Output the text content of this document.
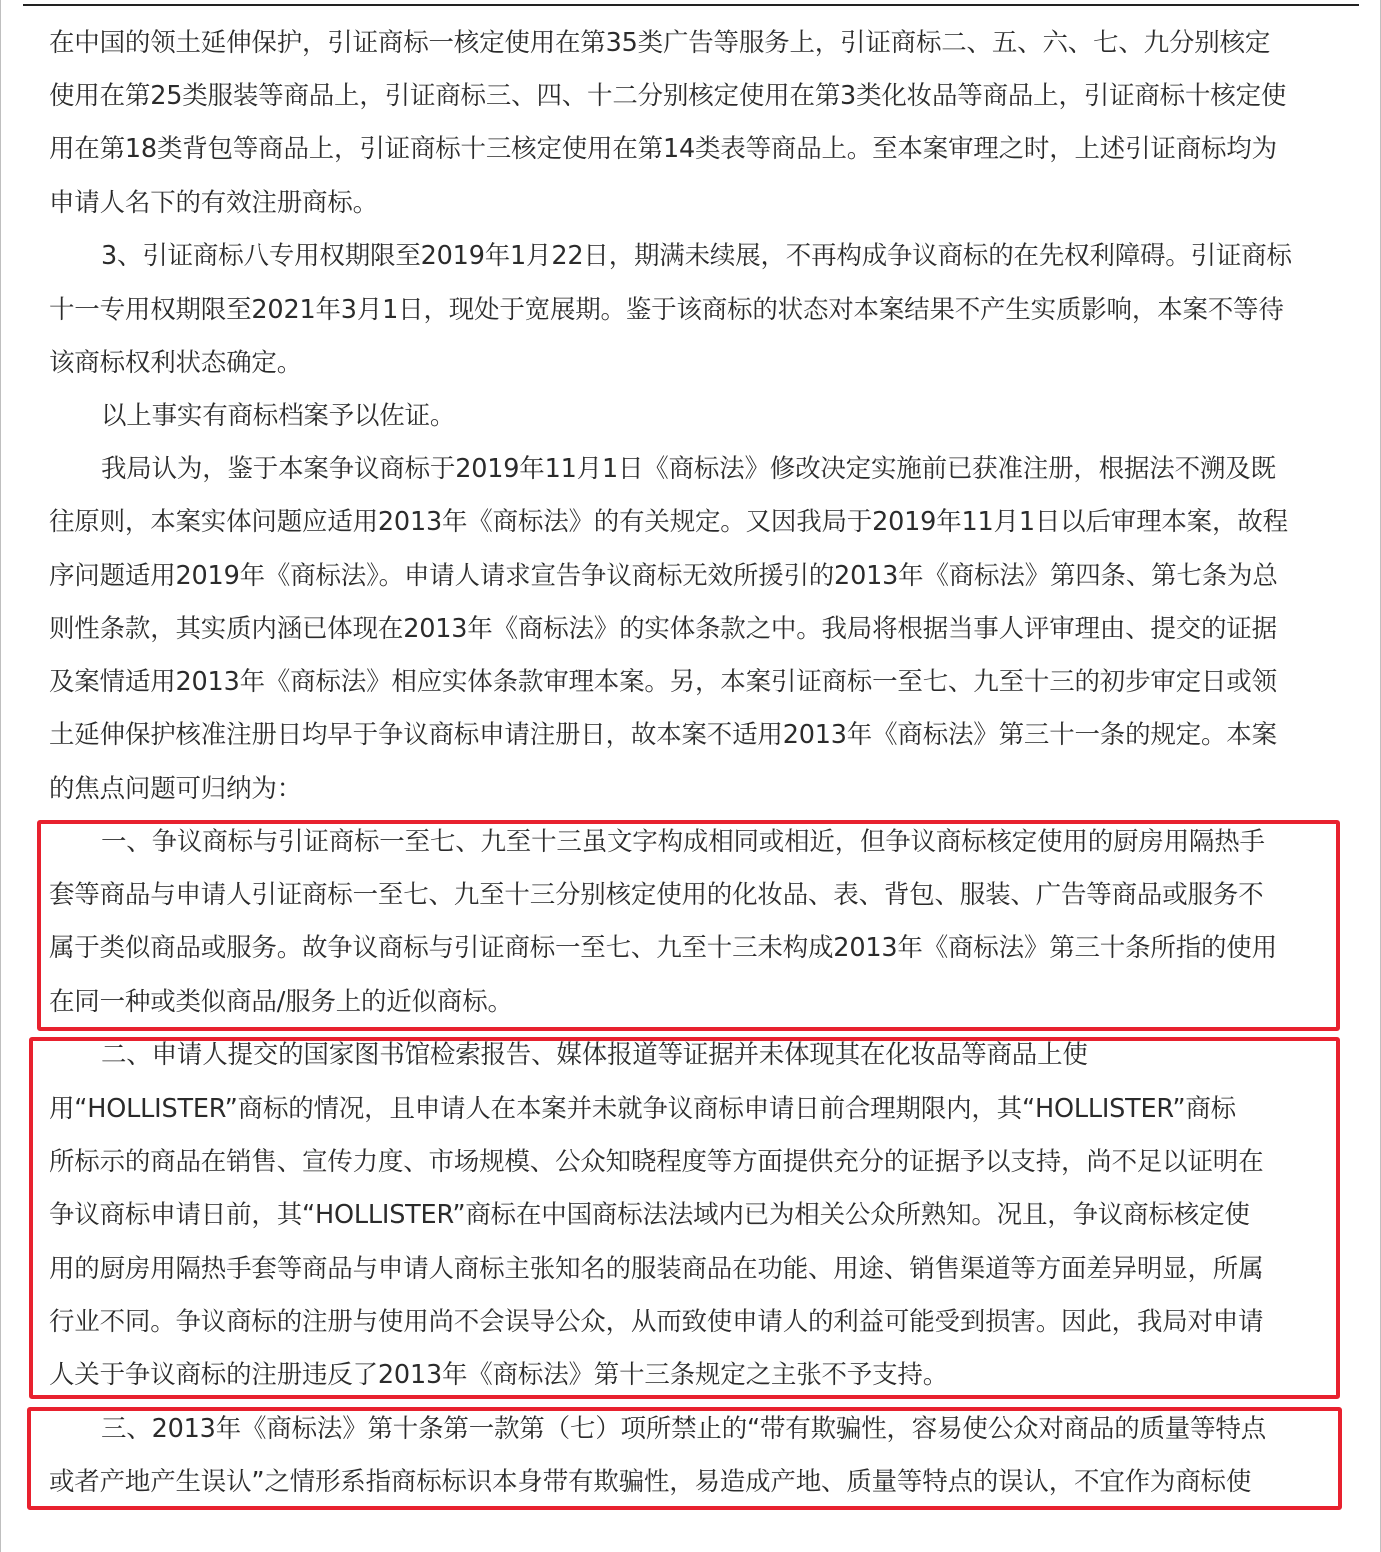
在中国的领土延伸保护，引证商标一核定使用在第35类广告等服务上，引证商标二、五、六、七、九分别核定
使用在第25类服装等商品上，引证商标三、四、十二分别核定使用在第3类化妆品等商品上，引证商标十核定使
用在第18类背包等商品上，引证商标十三核定使用在第14类表等商品上。至本案审理之时，上述引证商标均为
申请人名下的有效注册商标。
3、引证商标八专用权期限至2019年1月22日，期满未续展，不再构成争议商标的在先权利障碍。引证商标
十一专用权期限至2021年3月1日，现处于宽展期。鉴于该商标的状态对本案结果不产生实质影响，本案不等待
该商标权利状态确定。
以上事实有商标档案予以佐证。
我局认为，鉴于本案争议商标于2019年11月1日《商标法》修改决定实施前已获准注册，根据法不溯及既
往原则，本案实体问题应适用2013年《商标法》的有关规定。又因我局于2019年11月1日以后审理本案，故程
序问题适用2019年《商标法》。申请人请求宣告争议商标无效所援引的2013年《商标法》第四条、第七条为总
则性条款，其实质内涵已体现在2013年《商标法》的实体条款之中。我局将根据当事人评审理由、提交的证据
及案情适用2013年《商标法》相应实体条款审理本案。另，本案引证商标一至七、九至十三的初步审定日或领
土延伸保护核准注册日均早于争议商标申请注册日，故本案不适用2013年《商标法》第三十一条的规定。本案
的焦点问题可归纳为：
一、争议商标与引证商标一至七、九至十三虽文字构成相同或相近，但争议商标核定使用的厨房用隔热手
套等商品与申请人引证商标一至七、九至十三分别核定使用的化妆品、表、背包、服装、广告等商品或服务不
属于类似商品或服务。故争议商标与引证商标一至七、九至十三未构成2013年《商标法》第三十条所指的使用
在同一种或类似商品/服务上的近似商标。
二、申请人提交的国家图书馆检索报告、媒体报道等证据并未体现其在化妆品等商品上使
用“HOLLISTER”商标的情况，且申请人在本案并未就争议商标申请日前合理期限内，其“HOLLISTER”商标
所标示的商品在销售、宣传力度、市场规模、公众知晓程度等方面提供充分的证据予以支持，尚不足以证明在
争议商标申请日前，其“HOLLISTER”商标在中国商标法法域内已为相关公众所熟知。况且，争议商标核定使
用的厨房用隔热手套等商品与申请人商标主张知名的服装商品在功能、用途、销售渠道等方面差异明显，所属
行业不同。争议商标的注册与使用尚不会误导公众，从而致使申请人的利益可能受到损害。因此，我局对申请
人关于争议商标的注册违反了2013年《商标法》第十三条规定之主张不予支持。
三、2013年《商标法》第十条第一款第（七）项所禁止的“带有欺骗性，容易使公众对商品的质量等特点
或者产地产生误认”之情形系指商标标识本身带有欺骗性，易造成产地、质量等特点的误认，不宜作为商标使
